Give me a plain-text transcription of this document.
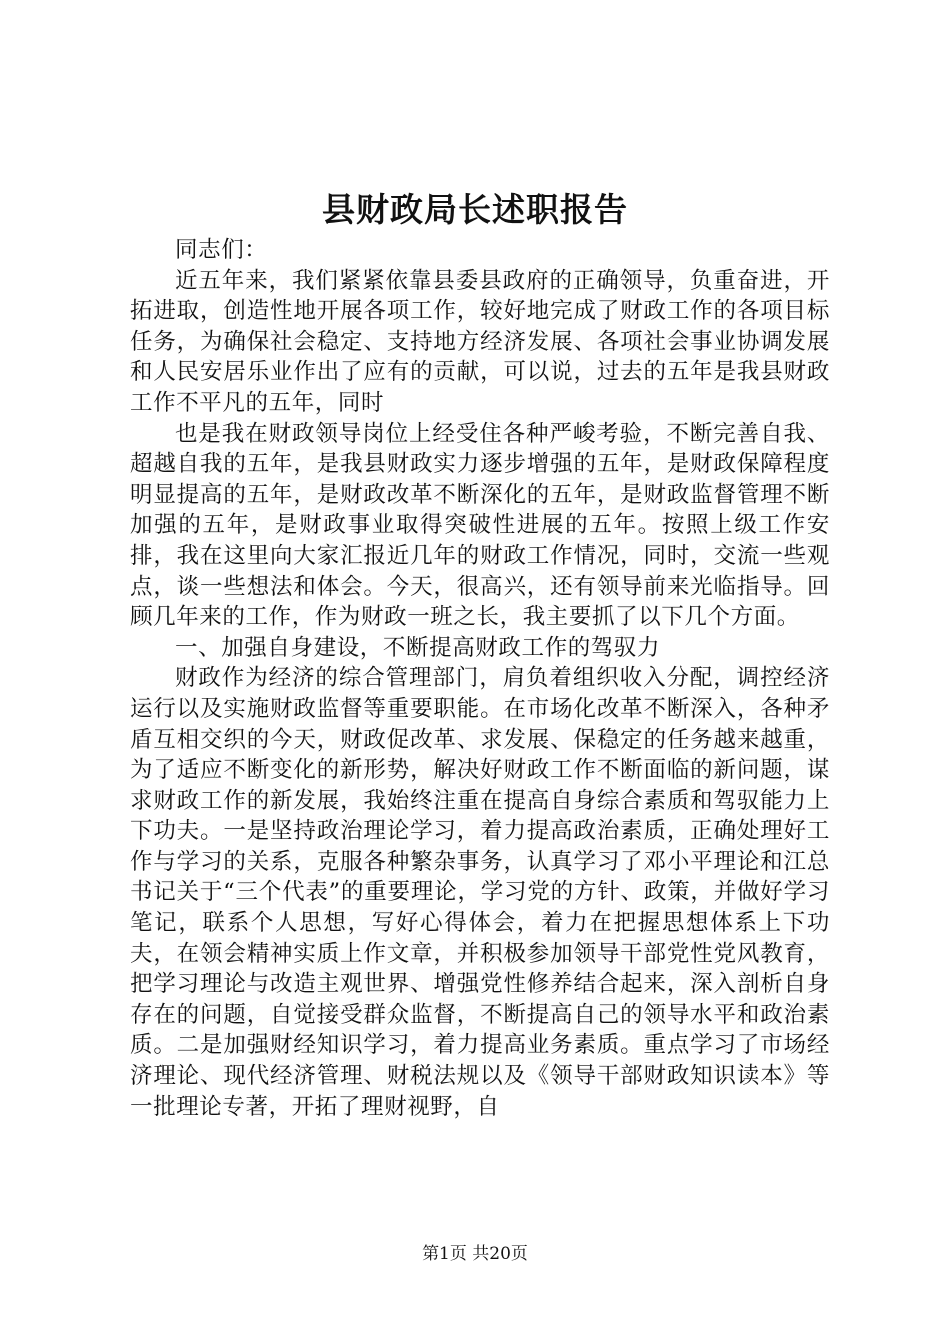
县财政局长述职报告

同志们：

近五年来，我们紧紧依靠县委县政府的正确领导，负重奋进，开拓进取，创造性地开展各项工作，较好地完成了财政工作的各项目标任务，为确保社会稳定、支持地方经济发展、各项社会事业协调发展和人民安居乐业作出了应有的贡献，可以说，过去的五年是我县财政工作不平凡的五年，同时

也是我在财政领导岗位上经受住各种严峻考验，不断完善自我、超越自我的五年，是我县财政实力逐步增强的五年，是财政保障程度明显提高的五年，是财政改革不断深化的五年，是财政监督管理不断加强的五年，是财政事业取得突破性进展的五年。按照上级工作安排，我在这里向大家汇报近几年的财政工作情况，同时，交流一些观点，谈一些想法和体会。今天，很高兴，还有领导前来光临指导。回顾几年来的工作，作为财政一班之长，我主要抓了以下几个方面。

一、加强自身建设，不断提高财政工作的驾驭力

财政作为经济的综合管理部门，肩负着组织收入分配，调控经济运行以及实施财政监督等重要职能。在市场化改革不断深入，各种矛盾互相交织的今天，财政促改革、求发展、保稳定的任务越来越重，为了适应不断变化的新形势，解决好财政工作不断面临的新问题，谋求财政工作的新发展，我始终注重在提高自身综合素质和驾驭能力上下功夫。一是坚持政治理论学习，着力提高政治素质，正确处理好工作与学习的关系，克服各种繁杂事务，认真学习了邓小平理论和江总书记关于“三个代表”的重要理论，学习党的方针、政策，并做好学习笔记，联系个人思想，写好心得体会，着力在把握思想体系上下功夫，在领会精神实质上作文章，并积极参加领导干部党性党风教育，把学习理论与改造主观世界、增强党性修养结合起来，深入剖析自身存在的问题，自觉接受群众监督，不断提高自己的领导水平和政治素质。二是加强财经知识学习，着力提高业务素质。重点学习了市场经济理论、现代经济管理、财税法规以及《领导干部财政知识读本》等一批理论专著，开拓了理财视野，自

第1页 共20页
